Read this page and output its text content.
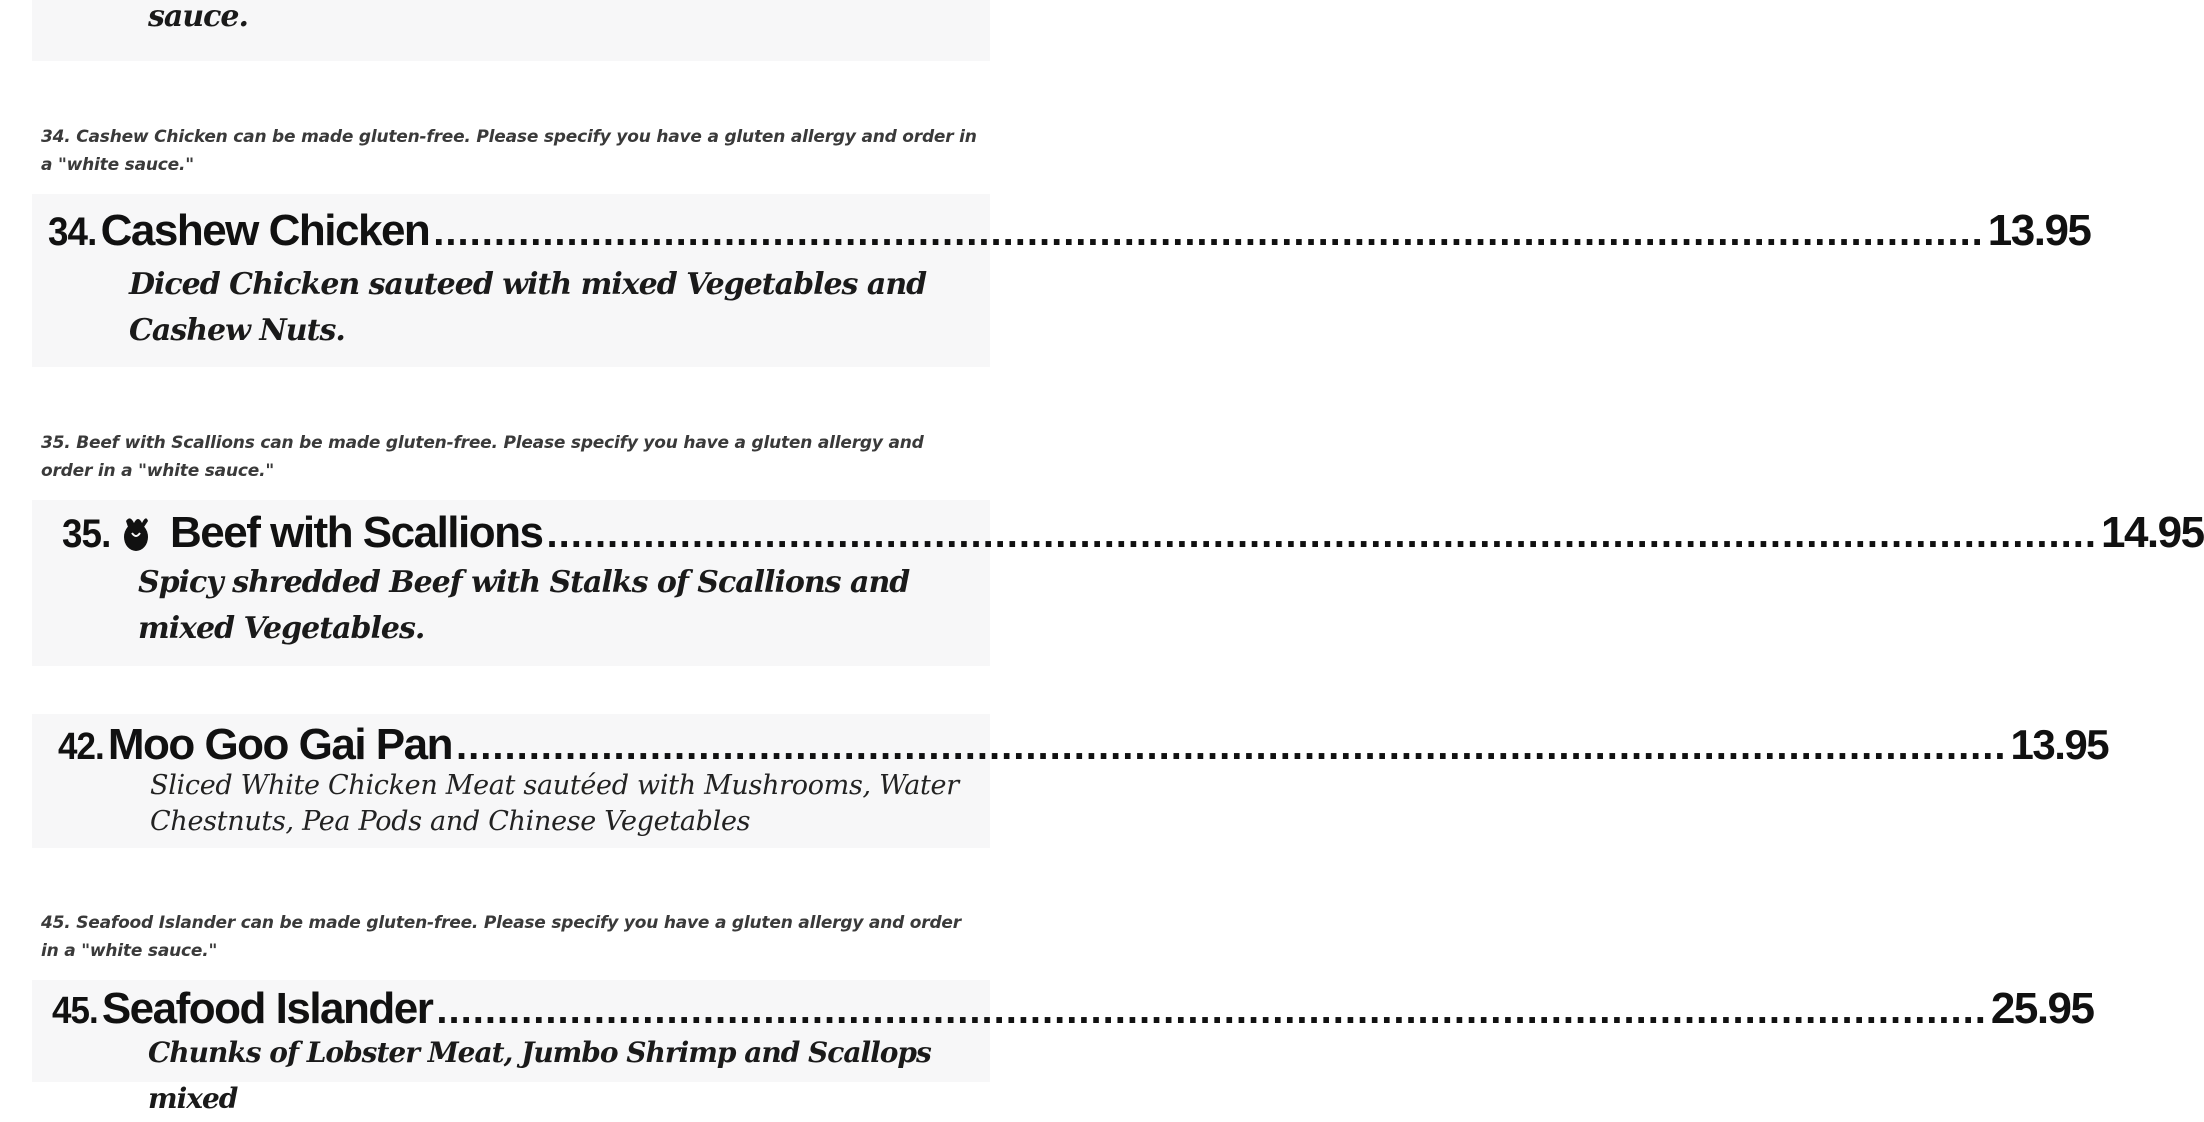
sauce.
34. Cashew Chicken can be made gluten-free. Please specify you have a gluten allergy and order in a "white sauce."
34. Cashew Chicken .....	13.95
Diced Chicken sauteed with mixed Vegetables and
Cashew Nuts.
35. Beef with Scallions can be made gluten-free. Please specify you have a gluten allergy and order in a "white sauce."
35. Beef with Scallions .....	14.95
Spicy shredded Beef with Stalks of Scallions and
mixed Vegetables.
42. Moo Goo Gai Pan .....	13.95
Sliced White Chicken Meat sautéed with Mushrooms, Water
Chestnuts, Pea Pods and Chinese Vegetables
45. Seafood Islander can be made gluten-free. Please specify you have a gluten allergy and order in a "white sauce."
45. Seafood Islander .....	25.95
Chunks of Lobster Meat, Jumbo Shrimp and Scallops mixed
